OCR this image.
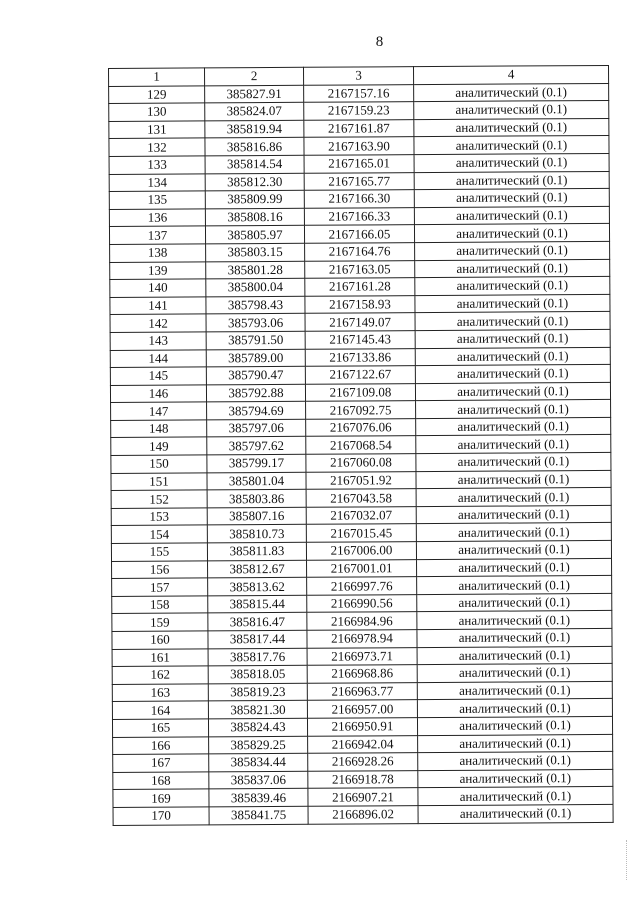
8
1	2	3	4
129	385827.91	2167157.16	аналитический (0.1)
130	385824.07	2167159.23	аналитический (0.1)
131	385819.94	2167161.87	аналитический (0.1)
132	385816.86	2167163.90	аналитический (0.1)
133	385814.54	2167165.01	аналитический (0.1)
134	385812.30	2167165.77	аналитический (0.1)
135	385809.99	2167166.30	аналитический (0.1)
136	385808.16	2167166.33	аналитический (0.1)
137	385805.97	2167166.05	аналитический (0.1)
138	385803.15	2167164.76	аналитический (0.1)
139	385801.28	2167163.05	аналитический (0.1)
140	385800.04	2167161.28	аналитический (0.1)
141	385798.43	2167158.93	аналитический (0.1)
142	385793.06	2167149.07	аналитический (0.1)
143	385791.50	2167145.43	аналитический (0.1)
144	385789.00	2167133.86	аналитический (0.1)
145	385790.47	2167122.67	аналитический (0.1)
146	385792.88	2167109.08	аналитический (0.1)
147	385794.69	2167092.75	аналитический (0.1)
148	385797.06	2167076.06	аналитический (0.1)
149	385797.62	2167068.54	аналитический (0.1)
150	385799.17	2167060.08	аналитический (0.1)
151	385801.04	2167051.92	аналитический (0.1)
152	385803.86	2167043.58	аналитический (0.1)
153	385807.16	2167032.07	аналитический (0.1)
154	385810.73	2167015.45	аналитический (0.1)
155	385811.83	2167006.00	аналитический (0.1)
156	385812.67	2167001.01	аналитический (0.1)
157	385813.62	2166997.76	аналитический (0.1)
158	385815.44	2166990.56	аналитический (0.1)
159	385816.47	2166984.96	аналитический (0.1)
160	385817.44	2166978.94	аналитический (0.1)
161	385817.76	2166973.71	аналитический (0.1)
162	385818.05	2166968.86	аналитический (0.1)
163	385819.23	2166963.77	аналитический (0.1)
164	385821.30	2166957.00	аналитический (0.1)
165	385824.43	2166950.91	аналитический (0.1)
166	385829.25	2166942.04	аналитический (0.1)
167	385834.44	2166928.26	аналитический (0.1)
168	385837.06	2166918.78	аналитический (0.1)
169	385839.46	2166907.21	аналитический (0.1)
170	385841.75	2166896.02	аналитический (0.1)
